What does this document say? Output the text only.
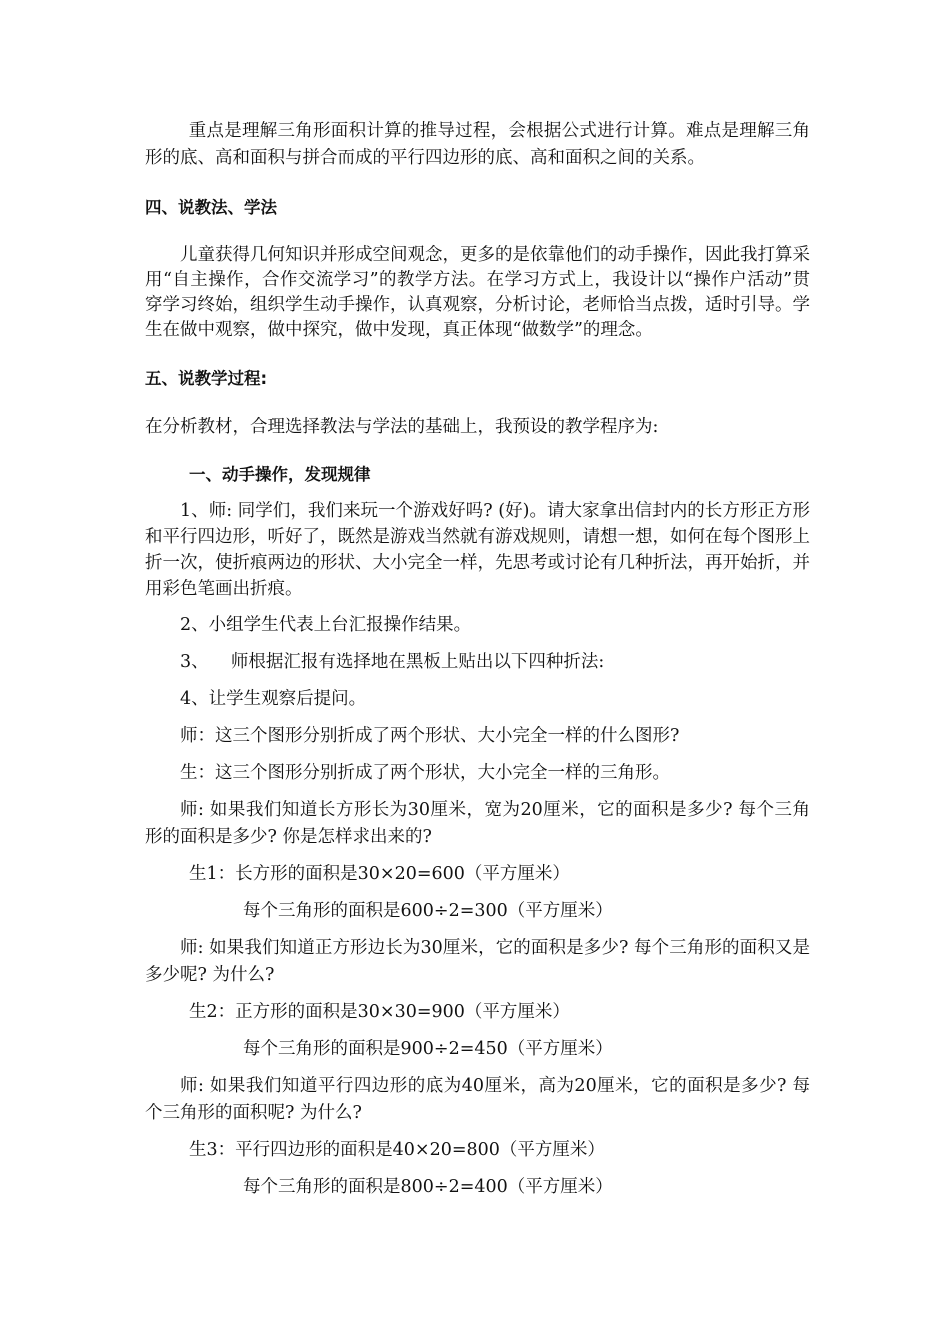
重点是理解三角形面积计算的推导过程，会根据公式进行计算。难点是理解三角形的底、高和面积与拼合而成的平行四边形的底、高和面积之间的关系。

四、说教法、学法

儿童获得几何知识并形成空间观念，更多的是依靠他们的动手操作，因此我打算采用“自主操作，合作交流学习”的教学方法。在学习方式上，我设计以“操作户活动”贯穿学习终始，组织学生动手操作，认真观察，分析讨论，老师恰当点拨，适时引导。学生在做中观察，做中探究，做中发现，真正体现“做数学”的理念。

五、说教学过程:

在分析教材，合理选择教法与学法的基础上，我预设的教学程序为:

一、动手操作，发现规律

1、师: 同学们，我们来玩一个游戏好吗? (好)。请大家拿出信封内的长方形正方形和平行四边形，听好了，既然是游戏当然就有游戏规则，请想一想，如何在每个图形上折一次，使折痕两边的形状、大小完全一样，先思考或讨论有几种折法，再开始折，并用彩色笔画出折痕。

2、小组学生代表上台汇报操作结果。

3、    师根据汇报有选择地在黑板上贴出以下四种折法:

4、让学生观察后提问。

师：这三个图形分别折成了两个形状、大小完全一样的什么图形?

生：这三个图形分别折成了两个形状，大小完全一样的三角形。

师: 如果我们知道长方形长为30厘米，宽为20厘米，它的面积是多少? 每个三角形的面积是多少? 你是怎样求出来的?

生1：长方形的面积是30×20=600（平方厘米）

每个三角形的面积是600÷2=300（平方厘米）

师: 如果我们知道正方形边长为30厘米，它的面积是多少? 每个三角形的面积又是多少呢? 为什么?

生2：正方形的面积是30×30=900（平方厘米）

每个三角形的面积是900÷2=450（平方厘米）

师: 如果我们知道平行四边形的底为40厘米，高为20厘米，它的面积是多少? 每个三角形的面积呢? 为什么?

生3：平行四边形的面积是40×20=800（平方厘米）

每个三角形的面积是800÷2=400（平方厘米）
